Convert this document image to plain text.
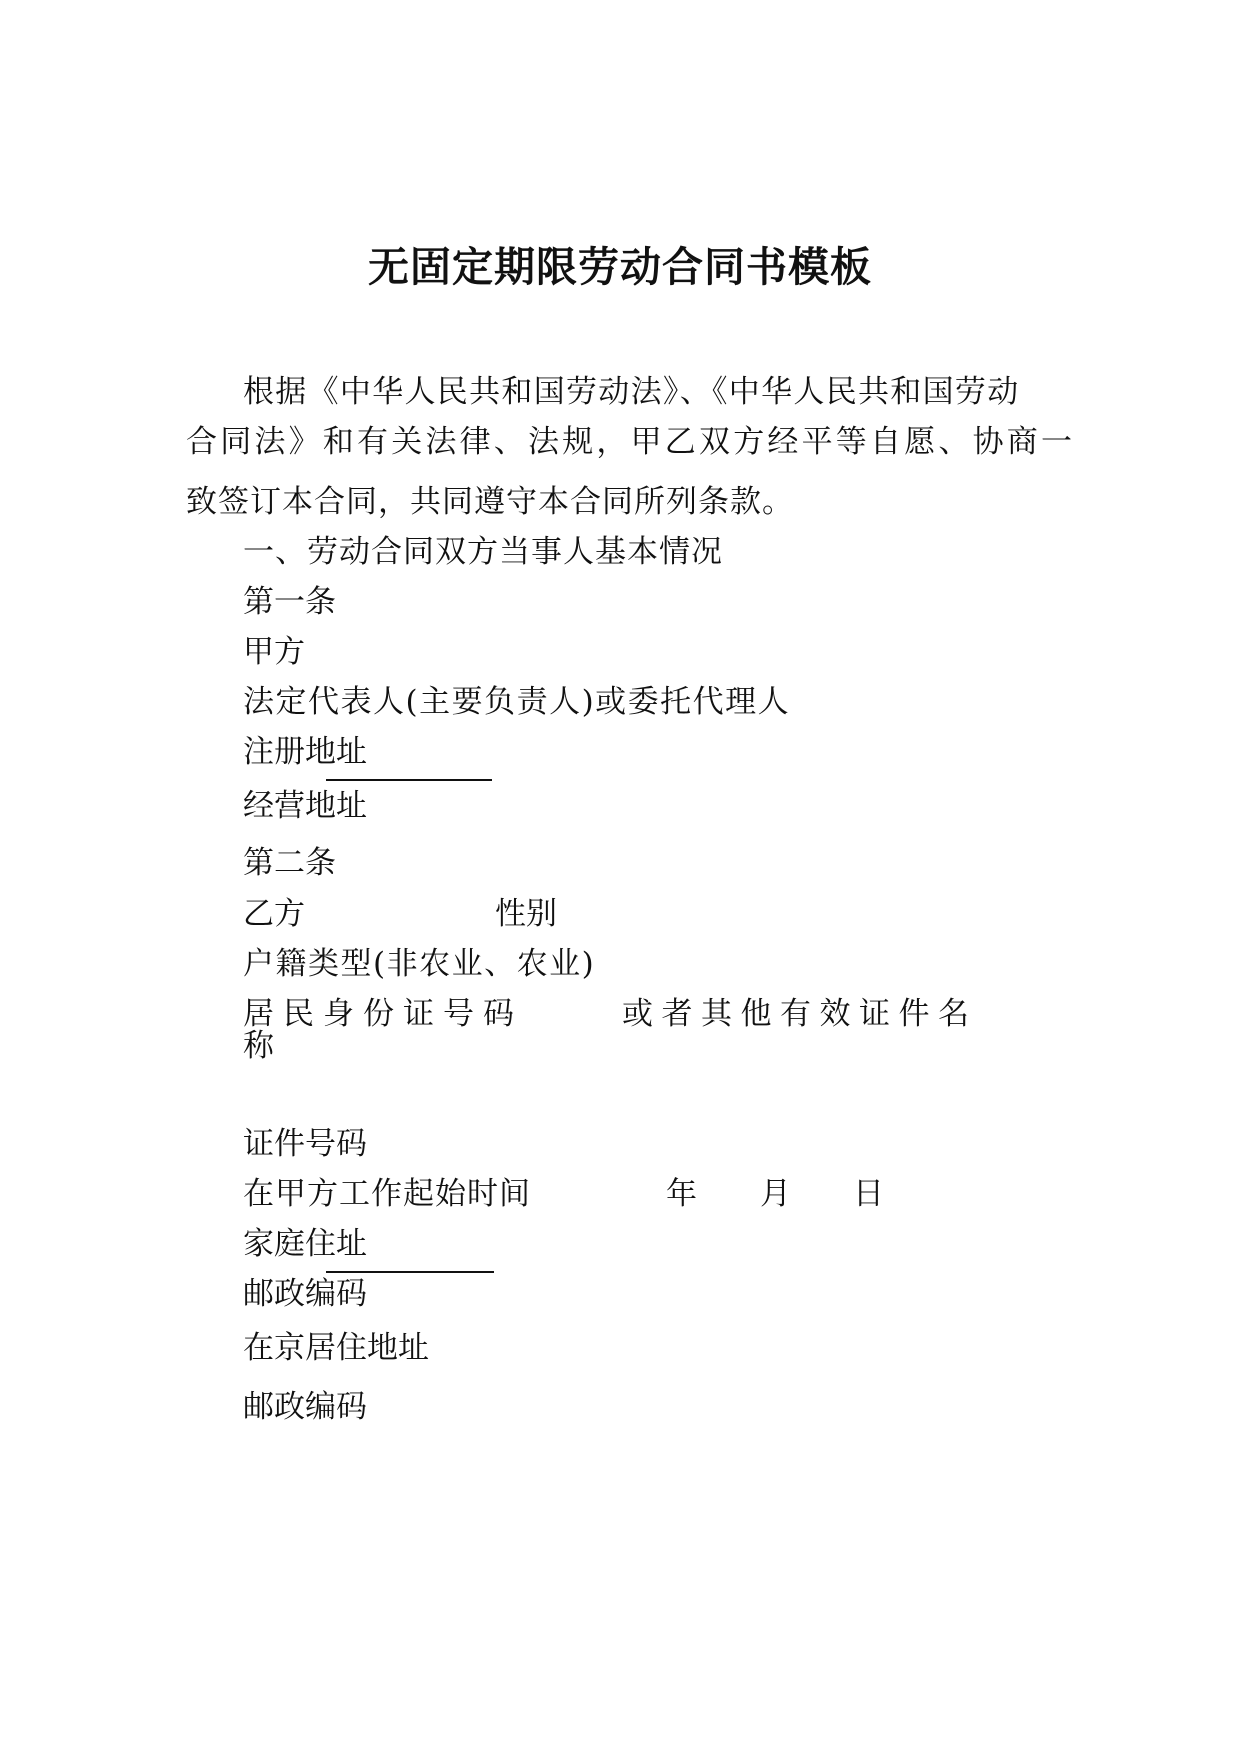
无固定期限劳动合同书模板
根据《中华人民共和国劳动法》、《中华人民共和国劳动
合同法》和有关法律、法规，甲乙双方经平等自愿、协商一
致签订本合同，共同遵守本合同所列条款。
一、劳动合同双方当事人基本情况
第一条
甲方
法定代表人(主要负责人)或委托代理人
注册地址
经营地址
第二条
乙方	性别
户籍类型(非农业、农业)
居民身份证号码	或者其他有效证件名
称
证件号码
在甲方工作起始时间	年 月 日
家庭住址
邮政编码
在京居住地址
邮政编码
